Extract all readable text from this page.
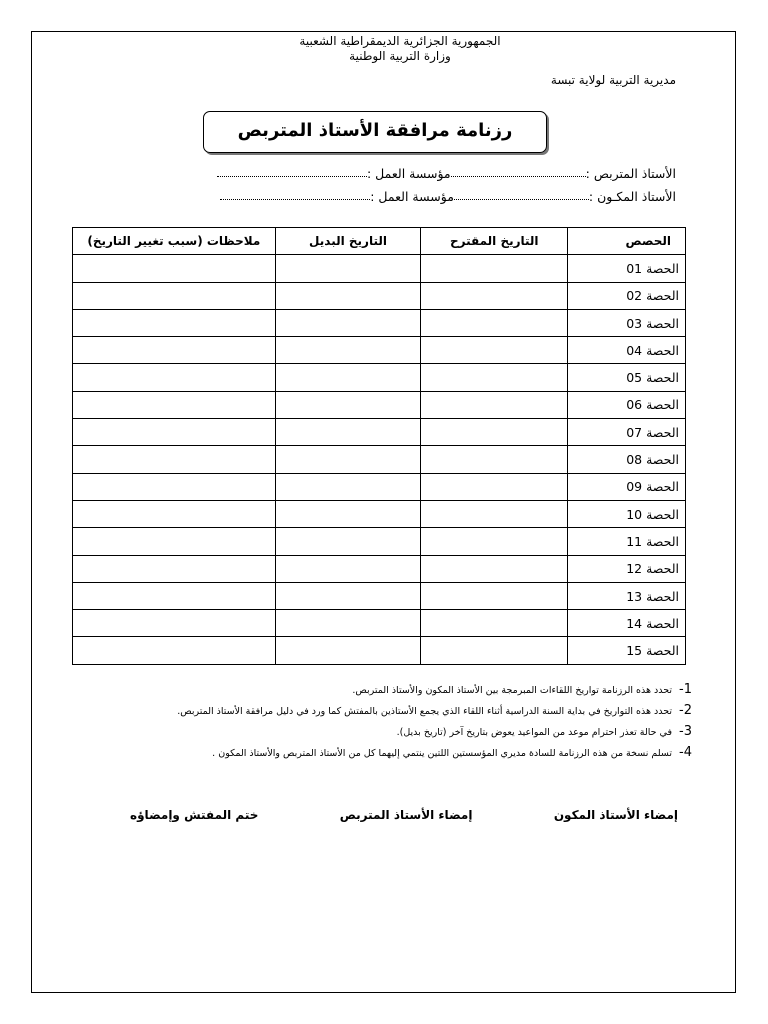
الجمهورية الجزائرية الديمقراطية الشعبية
وزارة التربية الوطنية
مديرية التربية لولاية تبسة
رزنامة مرافقة الأستاذ المتربص
الأستاذ المتربص :
مؤسسة العمل :
الأستاذ المكـون :
مؤسسة العمل :
الحصص	التاريخ المقترح	التاريخ البديل	ملاحظات (سبب تغيير التاريخ)
الحصة 01			
الحصة 02			
الحصة 03			
الحصة 04			
الحصة 05			
الحصة 06			
الحصة 07			
الحصة 08			
الحصة 09			
الحصة 10			
الحصة 11			
الحصة 12			
الحصة 13			
الحصة 14			
الحصة 15			
1-
تحدد هذه الرزنامة تواريخ اللقاءات المبرمجة بين الأستاذ المكون والأستاذ المتربص.
2-
تحدد هذه التواريخ في بداية السنة الدراسية أثناء اللقاء الذي يجمع الأستاذين بالمفتش كما ورد في دليل مرافقة الأستاذ المتربص.
3-
في حالة تعذر احترام موعد من المواعيد يعوض بتاريخ آخر (تاريخ بديل).
4-
تسلم نسخة من هذه الرزنامة للسادة مديري المؤسستين اللتين ينتمي إليهما كل من الأستاذ المتربص والأستاذ المكون .
إمضاء الأستاذ المكون
إمضاء الأستاذ المتربص
ختم المفتش وإمضاؤه
